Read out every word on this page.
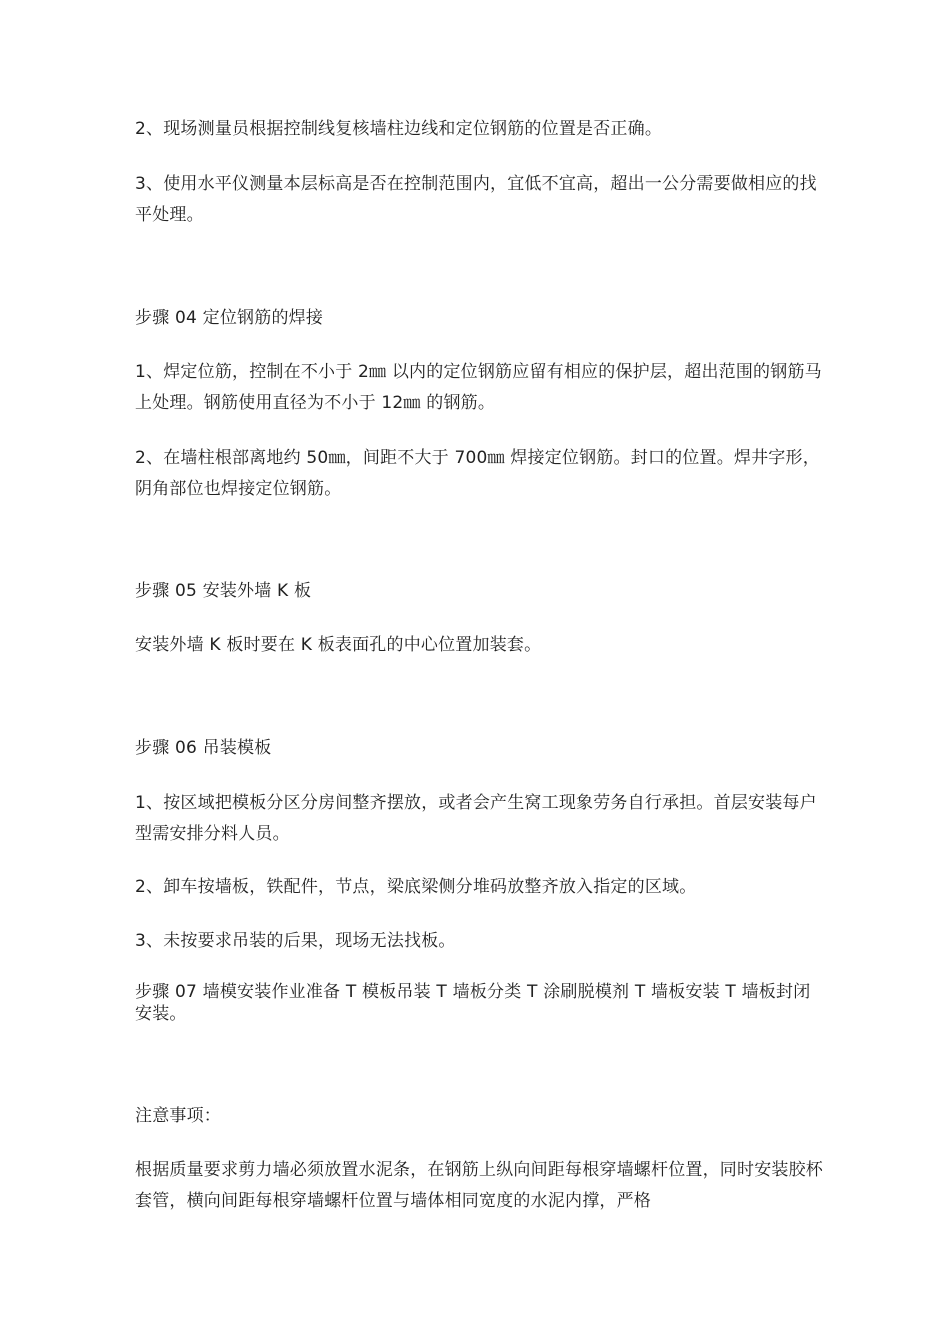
2、现场测量员根据控制线复核墙柱边线和定位钢筋的位置是否正确。

3、使用水平仪测量本层标高是否在控制范围内，宜低不宜高，超出一公分需要做相应的找平处理。

步骤 04 定位钢筋的焊接

1、焊定位筋，控制在不小于 2㎜ 以内的定位钢筋应留有相应的保护层，超出范围的钢筋马上处理。钢筋使用直径为不小于 12㎜ 的钢筋。

2、在墙柱根部离地约 50㎜，间距不大于 700㎜ 焊接定位钢筋。封口的位置。焊井字形，阴角部位也焊接定位钢筋。

步骤 05 安装外墙 K 板

安装外墙 K 板时要在 K 板表面孔的中心位置加装套。

步骤 06 吊装模板

1、按区域把模板分区分房间整齐摆放，或者会产生窝工现象劳务自行承担。首层安装每户型需安排分料人员。

2、卸车按墙板，铁配件，节点，梁底梁侧分堆码放整齐放入指定的区域。

3、未按要求吊装的后果，现场无法找板。

步骤 07 墙模安装作业准备 T 模板吊装 T 墙板分类 T 涂刷脱模剂 T 墙板安装 T 墙板封闭安装。

注意事项：

根据质量要求剪力墙必须放置水泥条，在钢筋上纵向间距每根穿墙螺杆位置，同时安装胶杯套管，横向间距每根穿墙螺杆位置与墙体相同宽度的水泥内撑，严格
